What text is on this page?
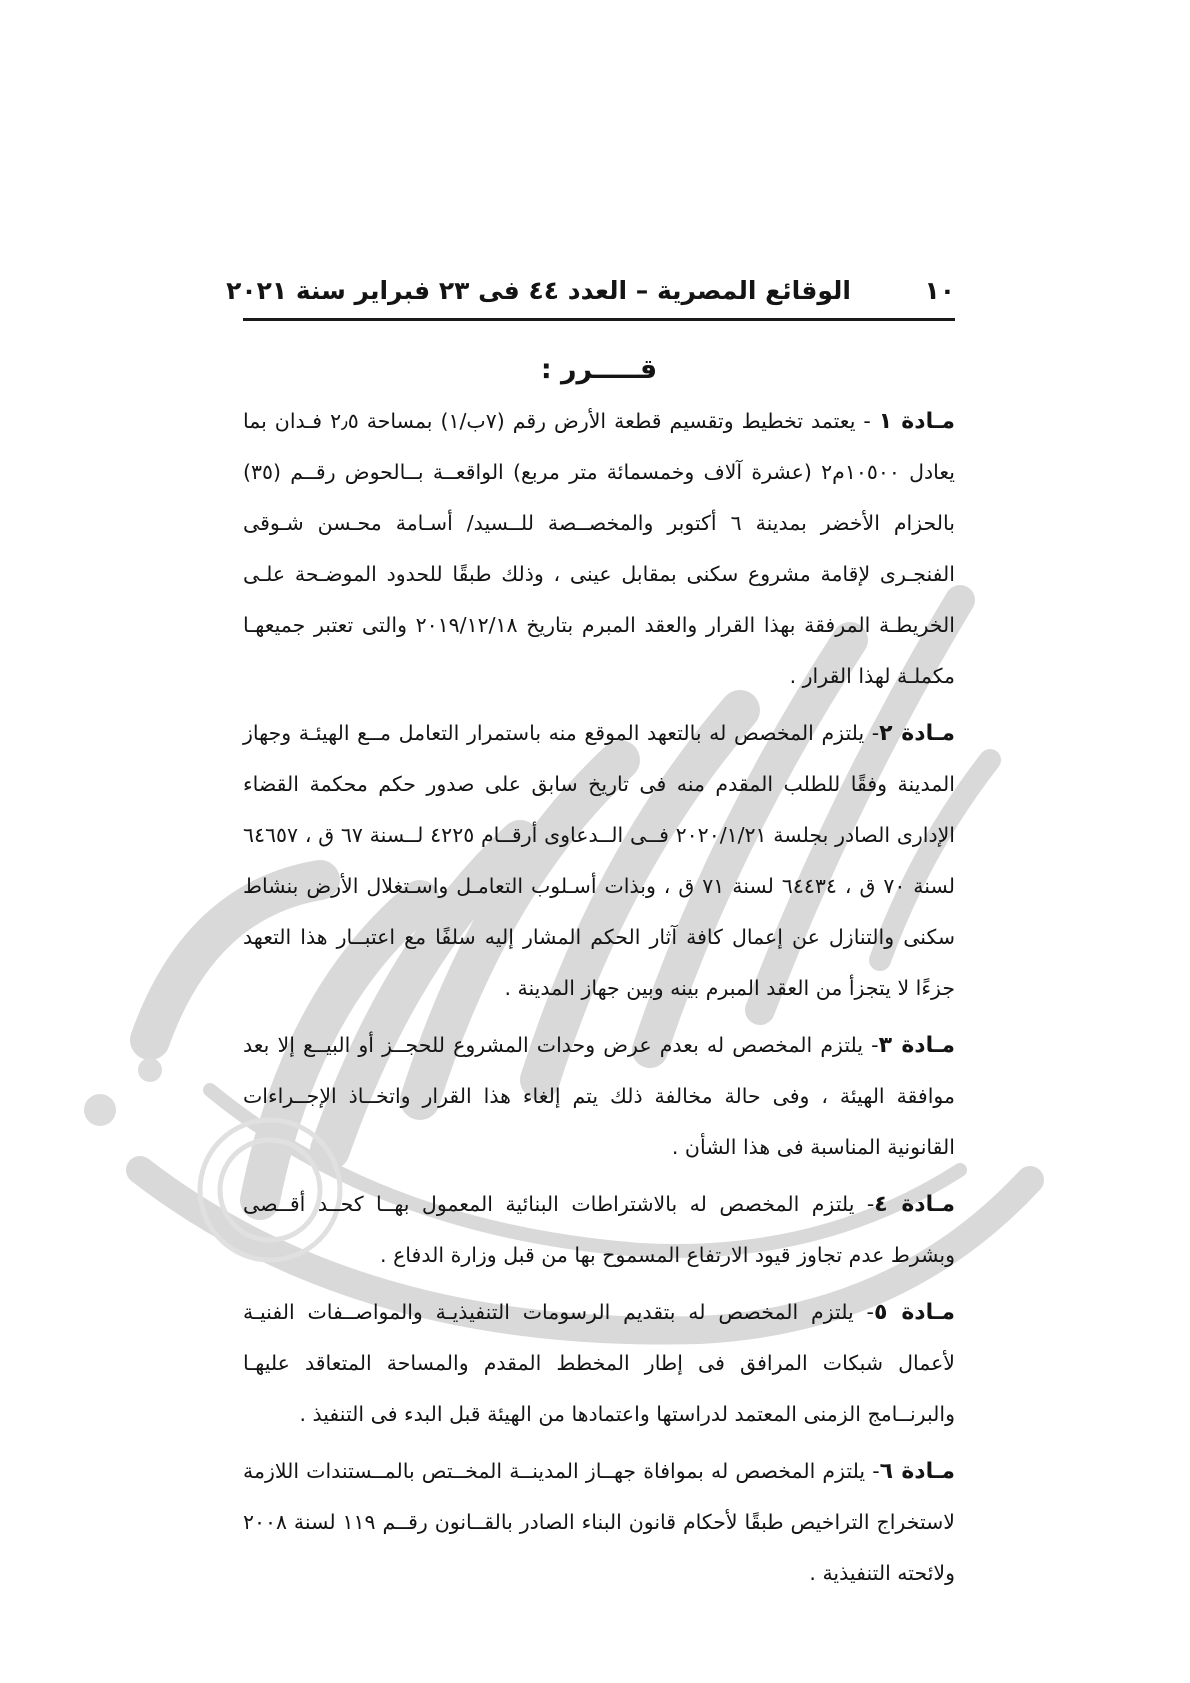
١٠
الوقائع المصرية – العدد ٤٤ فى ٢٣ فبراير سنة ٢٠٢١
قـــــرر :

مـادة ١ - يعتمد تخطيط وتقسيم قطعة الأرض رقم (٧ب/١) بمساحة ٢٫٥ فـدان بما يعادل ١٠٥٠٠م٢ (عشرة آلاف وخمسمائة متر مربع) الواقعــة بــالحوض رقــم (٣٥) بالحزام الأخضر بمدينة ٦ أكتوبر والمخصــصة للــسيد/ أسـامة محـسن شـوقى الفنجـرى لإقامة مشروع سكنى بمقابل عينى ، وذلك طبقًا للحدود الموضـحة علـى الخريطـة المرفقة بهذا القرار والعقد المبرم بتاريخ ٢٠١٩/١٢/١٨ والتى تعتبر جميعهـا مكملـة لهذا القرار .

مـادة ٢- يلتزم المخصص له بالتعهد الموقع منه باستمرار التعامل مــع الهيئـة وجهاز المدينة وفقًا للطلب المقدم منه فى تاريخ سابق على صدور حكم محكمة القضاء الإدارى الصادر بجلسة ٢٠٢٠/١/٢١ فــى الــدعاوى أرقــام ٤٢٢٥ لــسنة ٦٧ ق ، ٦٤٦٥٧ لسنة ٧٠ ق ، ٦٤٤٣٤ لسنة ٧١ ق ، وبذات أسـلوب التعامـل واسـتغلال الأرض بنشاط سكنى والتنازل عن إعمال كافة آثار الحكم المشار إليه سلفًا مع اعتبــار هذا التعهد جزءًا لا يتجزأ من العقد المبرم بينه وبين جهاز المدينة .

مـادة ٣- يلتزم المخصص له بعدم عرض وحدات المشروع للحجــز أو البيــع إلا بعد موافقة الهيئة ، وفى حالة مخالفة ذلك يتم إلغاء هذا القرار واتخــاذ الإجــراءات القانونية المناسبة فى هذا الشأن .

مـادة ٤- يلتزم المخصص له بالاشتراطات البنائية المعمول بهــا كحــد أقــصى وبشرط عدم تجاوز قيود الارتفاع المسموح بها من قبل وزارة الدفاع .

مـادة ٥- يلتزم المخصص له بتقديم الرسومات التنفيذيـة والمواصــفات الفنيـة لأعمال شبكات المرافق فى إطار المخطط المقدم والمساحة المتعاقد عليهـا والبرنــامج الزمنى المعتمد لدراستها واعتمادها من الهيئة قبل البدء فى التنفيذ .

مـادة ٦- يلتزم المخصص له بموافاة جهــاز المدينــة المخــتص بالمــستندات اللازمة لاستخراج التراخيص طبقًا لأحكام قانون البناء الصادر بالقــانون رقــم ١١٩ لسنة ٢٠٠٨ ولائحته التنفيذية .
